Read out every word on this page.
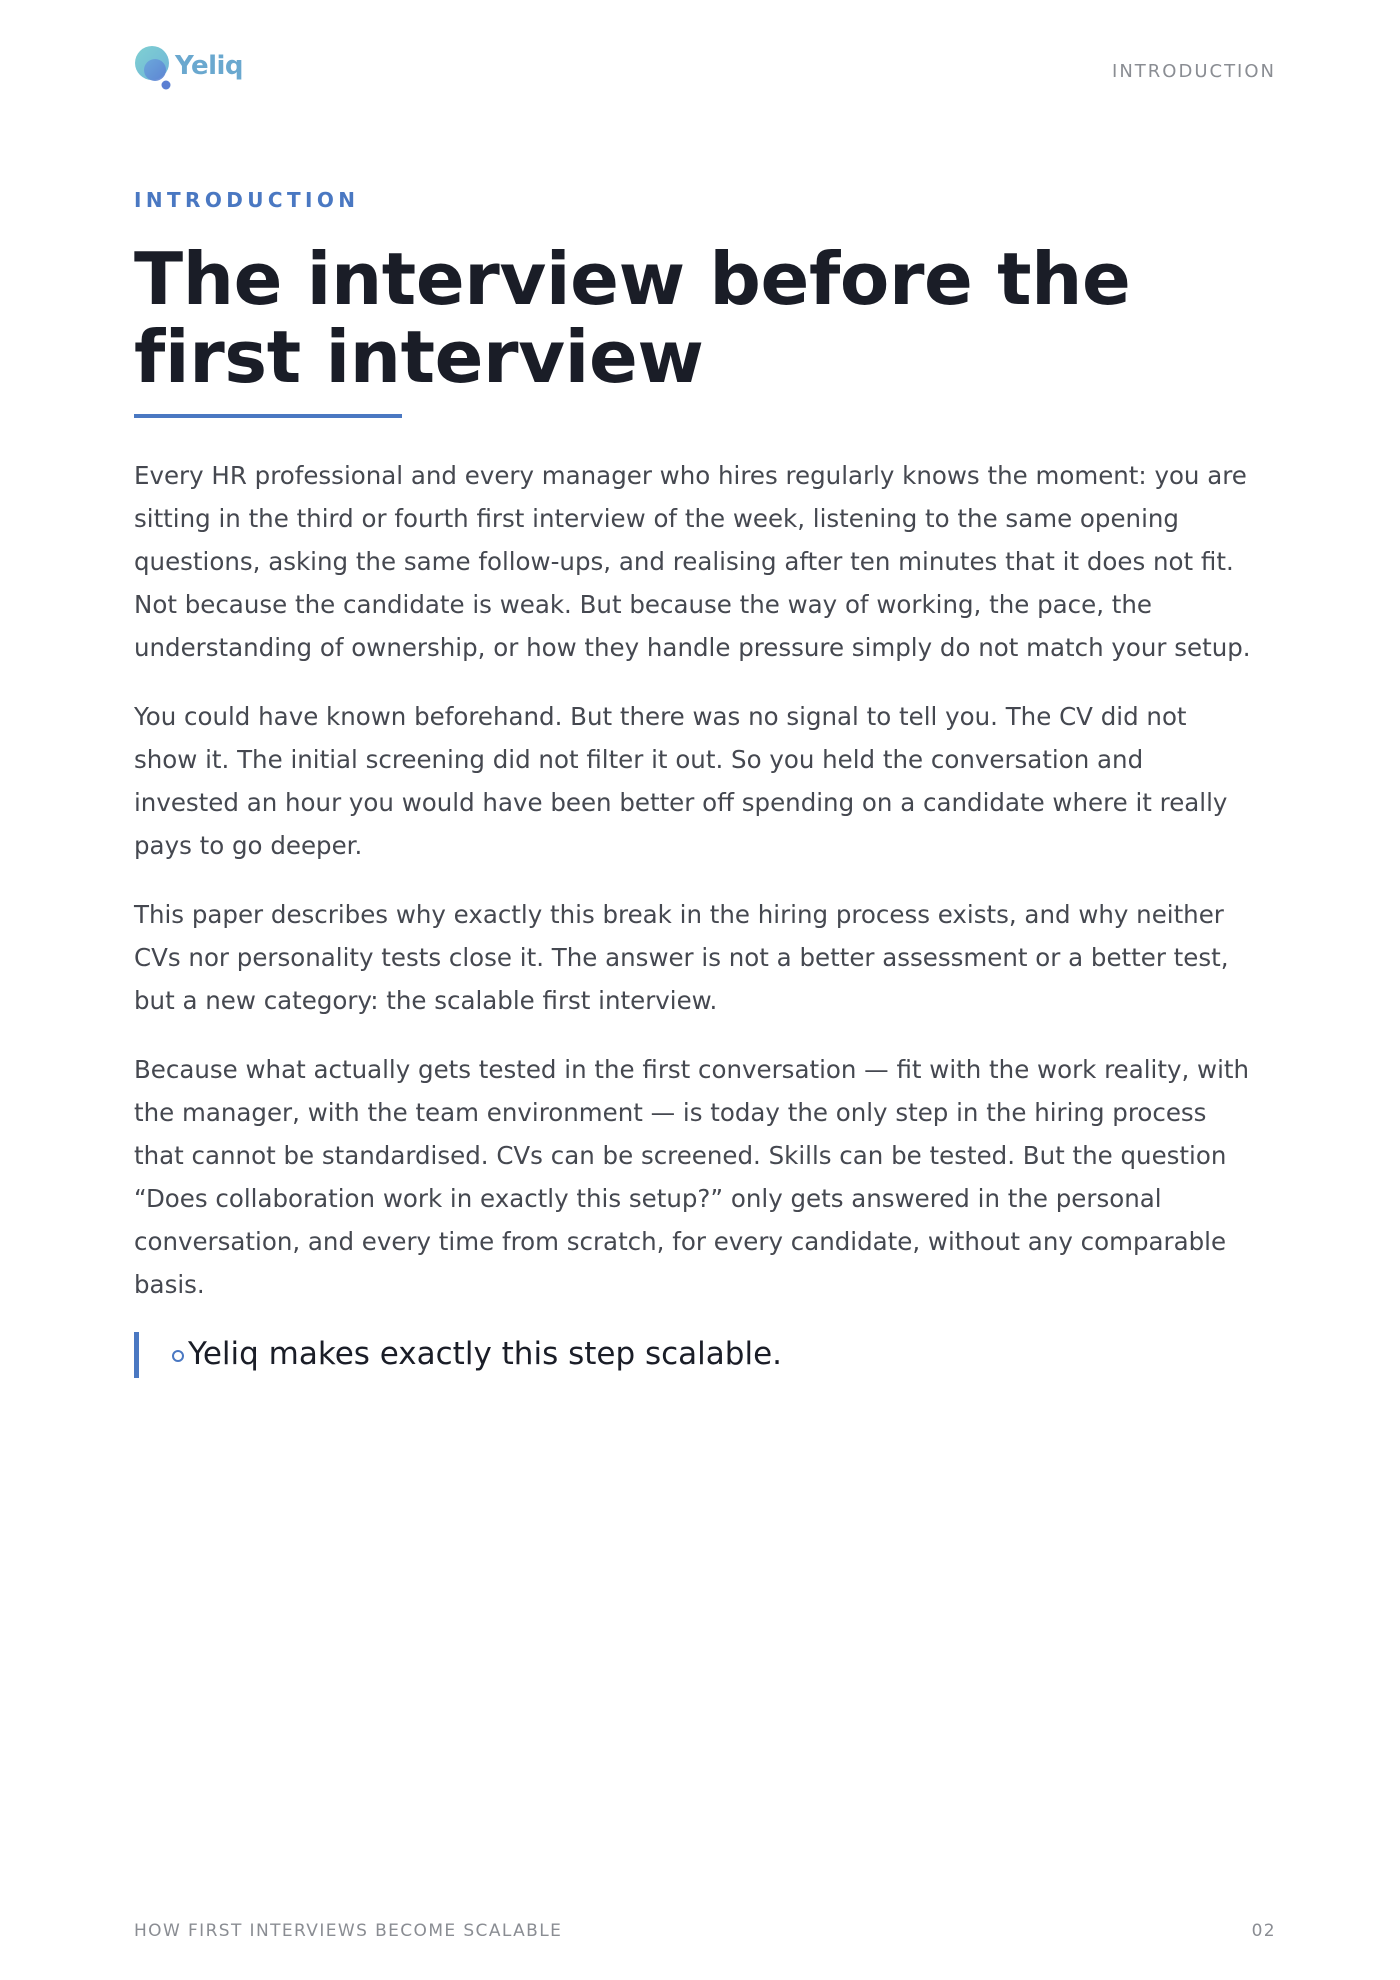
Yeliq	INTRODUCTION
INTRODUCTION
The interview before the first interview

Every HR professional and every manager who hires regularly knows the moment: you are sitting in the third or fourth first interview of the week, listening to the same opening questions, asking the same follow-ups, and realising after ten minutes that it does not fit. Not because the candidate is weak. But because the way of working, the pace, the understanding of ownership, or how they handle pressure simply do not match your setup.

You could have known beforehand. But there was no signal to tell you. The CV did not show it. The initial screening did not filter it out. So you held the conversation and invested an hour you would have been better off spending on a candidate where it really pays to go deeper.

This paper describes why exactly this break in the hiring process exists, and why neither CVs nor personality tests close it. The answer is not a better assessment or a better test, but a new category: the scalable first interview.

Because what actually gets tested in the first conversation — fit with the work reality, with the manager, with the team environment — is today the only step in the hiring process that cannot be standardised. CVs can be screened. Skills can be tested. But the question “Does collaboration work in exactly this setup?” only gets answered in the personal conversation, and every time from scratch, for every candidate, without any comparable basis.

Yeliq makes exactly this step scalable.
HOW FIRST INTERVIEWS BECOME SCALABLE	02
